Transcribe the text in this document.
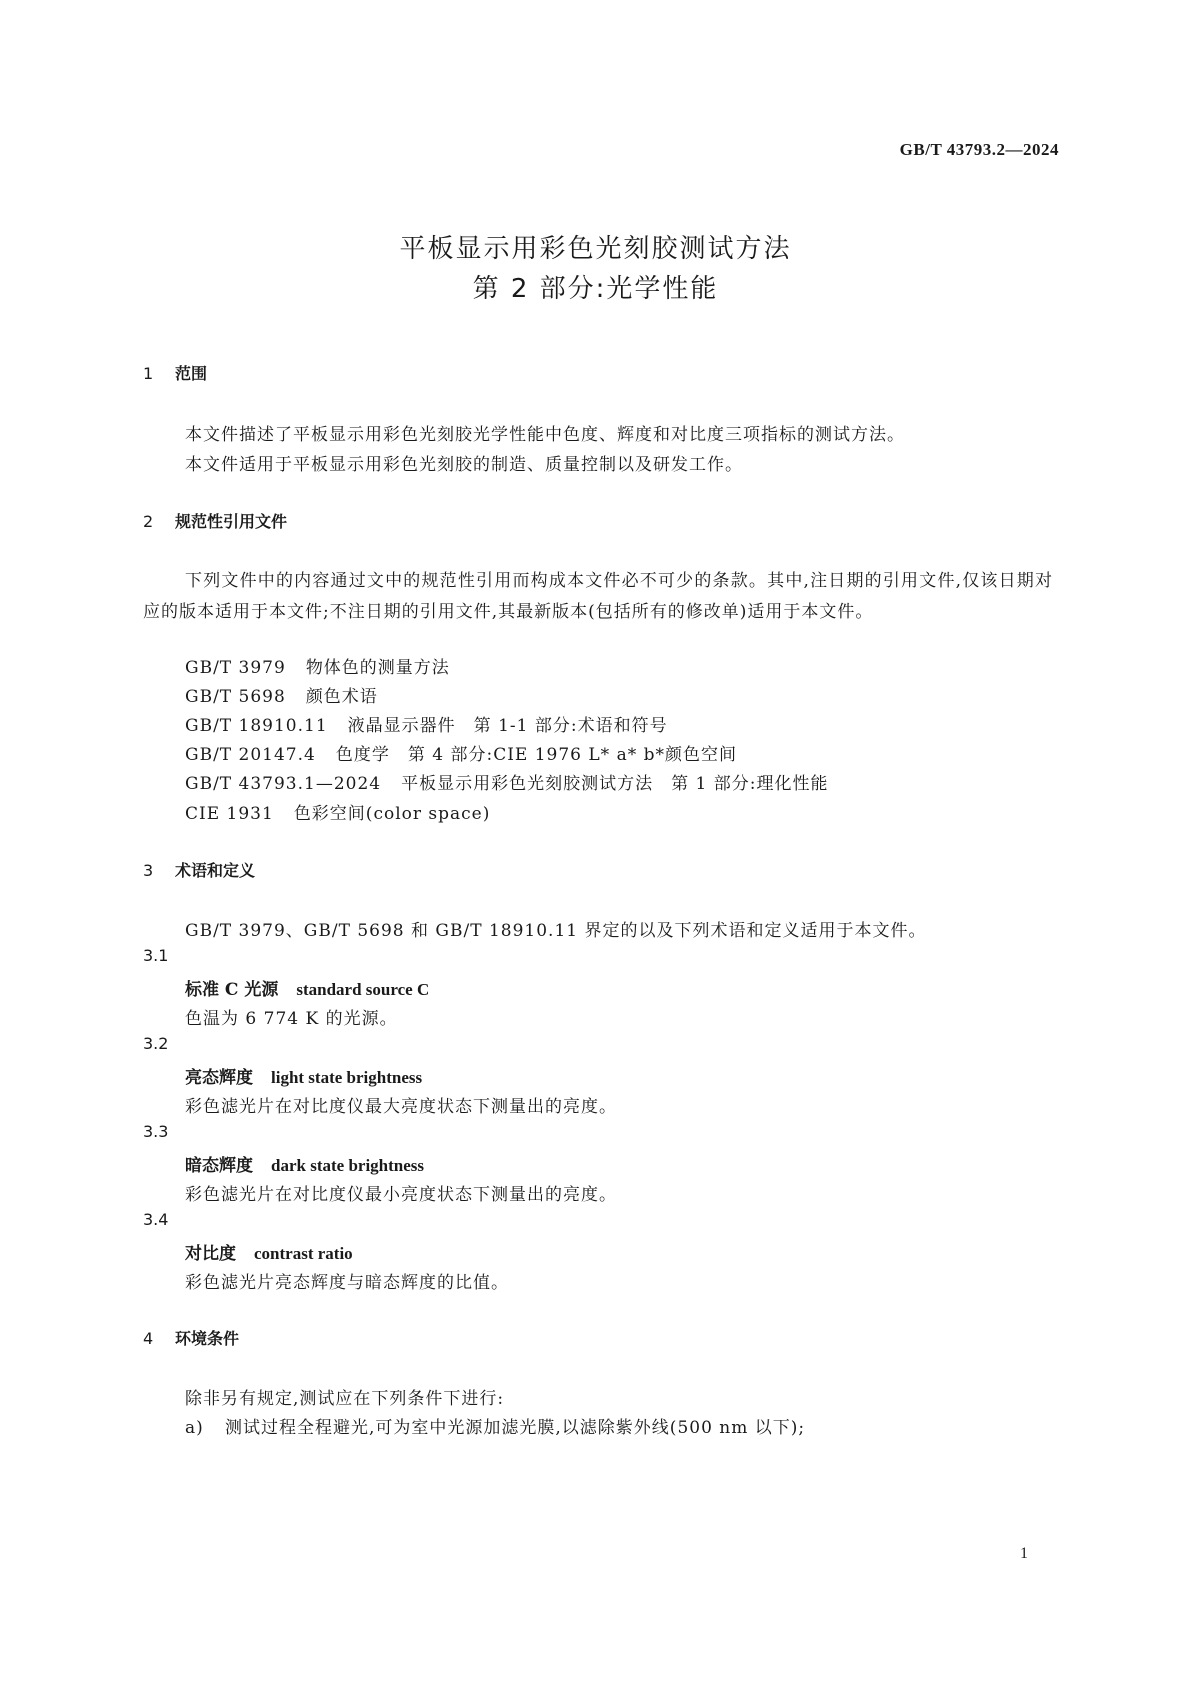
GB/T 43793.2—2024
平板显示用彩色光刻胶测试方法
第 2 部分:光学性能
1 范围
本文件描述了平板显示用彩色光刻胶光学性能中色度、辉度和对比度三项指标的测试方法。
本文件适用于平板显示用彩色光刻胶的制造、质量控制以及研发工作。
2 规范性引用文件
下列文件中的内容通过文中的规范性引用而构成本文件必不可少的条款。其中,注日期的引用文件,仅该日期对应的版本适用于本文件;不注日期的引用文件,其最新版本(包括所有的修改单)适用于本文件。
GB/T 3979 物体色的测量方法
GB/T 5698 颜色术语
GB/T 18910.11 液晶显示器件　第 1-1 部分:术语和符号
GB/T 20147.4 色度学　第 4 部分:CIE 1976 L* a* b*颜色空间
GB/T 43793.1—2024 平板显示用彩色光刻胶测试方法　第 1 部分:理化性能
CIE 1931 色彩空间(color space)
3 术语和定义
GB/T 3979、GB/T 5698 和 GB/T 18910.11 界定的以及下列术语和定义适用于本文件。
3.1
标准 C 光源 standard source C
色温为 6 774 K 的光源。
3.2
亮态辉度 light state brightness
彩色滤光片在对比度仪最大亮度状态下测量出的亮度。
3.3
暗态辉度 dark state brightness
彩色滤光片在对比度仪最小亮度状态下测量出的亮度。
3.4
对比度 contrast ratio
彩色滤光片亮态辉度与暗态辉度的比值。
4 环境条件
除非另有规定,测试应在下列条件下进行:
a) 测试过程全程避光,可为室中光源加滤光膜,以滤除紫外线(500 nm 以下);
1
